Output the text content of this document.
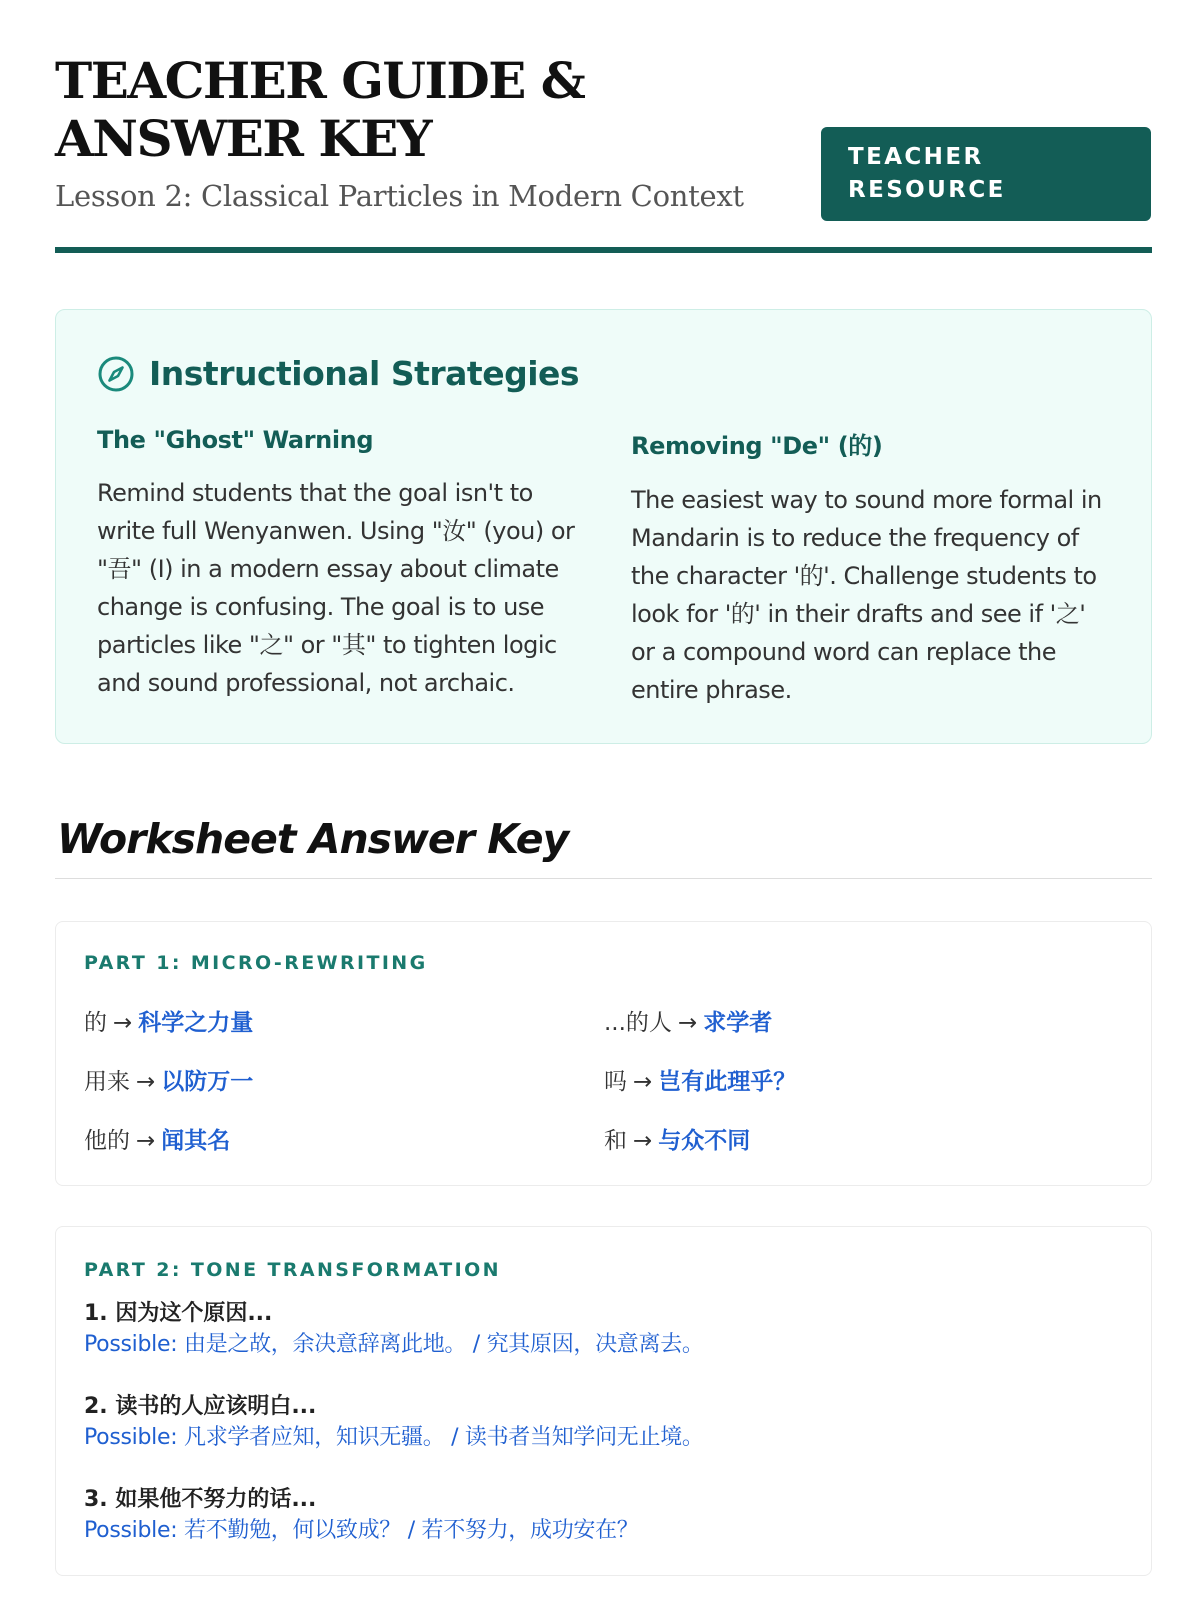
TEACHER GUIDE & ANSWER KEY
Lesson 2: Classical Particles in Modern Context
TEACHER RESOURCE
Instructional Strategies
The "Ghost" Warning

Remind students that the goal isn't to write full Wenyanwen. Using "汝" (you) or "吾" (I) in a modern essay about climate change is confusing. The goal is to use particles like "之" or "其" to tighten logic and sound professional, not archaic.

Removing "De" (的)

The easiest way to sound more formal in Mandarin is to reduce the frequency of the character '的'. Challenge students to look for '的' in their drafts and see if '之' or a compound word can replace the entire phrase.

Worksheet Answer Key
PART 1: MICRO-REWRITING
的 → 科学之力量	...的人 → 求学者
用来 → 以防万一	吗 → 岂有此理乎？
他的 → 闻其名	和 → 与众不同
PART 2: TONE TRANSFORMATION
1. 因为这个原因...
Possible: 由是之故，余决意辞离此地。 / 究其原因，决意离去。
2. 读书的人应该明白...
Possible: 凡求学者应知，知识无疆。 / 读书者当知学问无止境。
3. 如果他不努力的话...
Possible: 若不勤勉，何以致成？ / 若不努力，成功安在？
